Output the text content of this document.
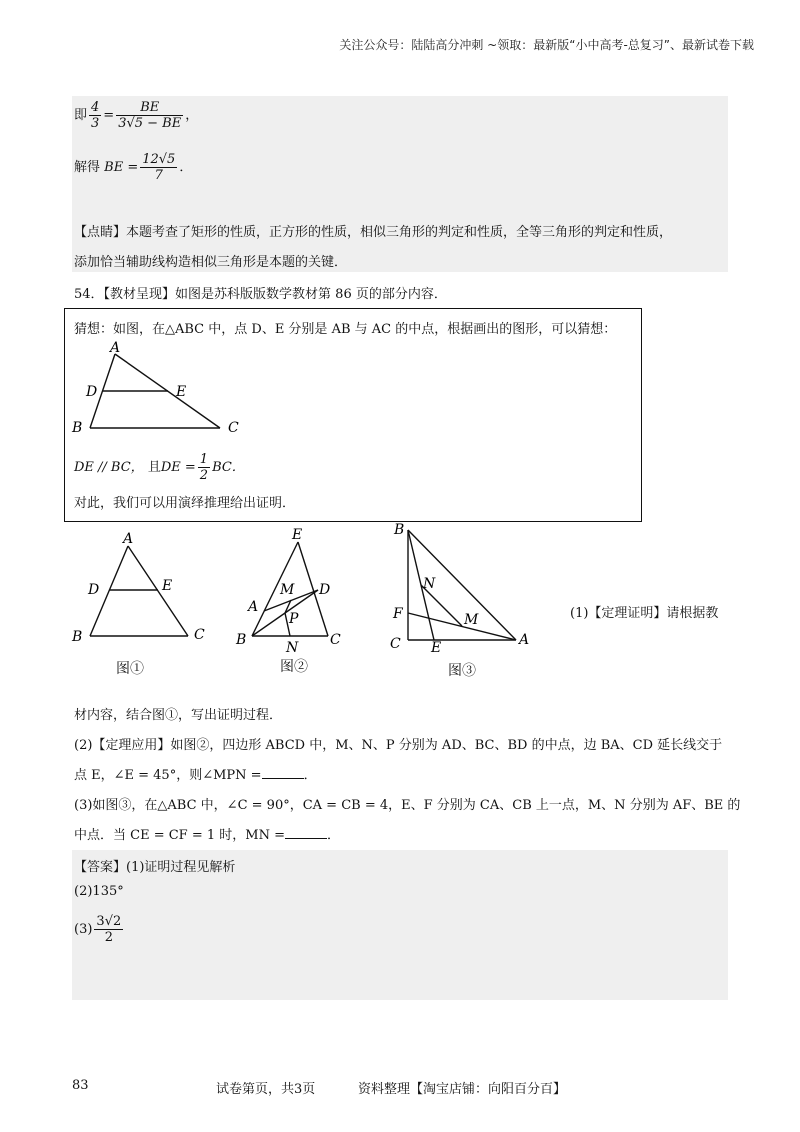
关注公众号：陆陆高分冲刺 ~领取：最新版“小中高考-总复习”、最新试卷下载
即 $\frac{4}{3} = \frac{BE}{3√5 - BE}$ ，
解得 BE = $\frac{12√5}{7}$ ．
【点睛】本题考查了矩形的性质，正方形的性质，相似三角形的判定和性质，全等三角形的判定和性质，
添加恰当辅助线构造相似三角形是本题的关键．
54．【教材呈现】如图是苏科版版数学教材第 86 页的部分内容．
猜想：如图，在△ABC 中，点 D、E 分别是 AB 与 AC 的中点，根据画出的图形，可以猜想：
A
D	E
B	C
DE // BC， 且DE = $\frac{1}{2}$ BC．
对此，我们可以用演绎推理给出证明．
A
D	E
B	C
图①
E
A
M D
P
B	C
N
图②
B
N
F	M
C E	A
图③
(1)【定理证明】请根据教
材内容，结合图①，写出证明过程．
(2)【定理应用】如图②，四边形 ABCD 中，M、N、P 分别为 AD、BC、BD 的中点，边 BA、CD 延长线交于
点 E，∠E = 45°，则∠MPN =	．
(3)如图③，在△ABC 中，∠C = 90°，CA = CB = 4，E、F 分别为 CA、CB 上一点，M、N 分别为 AF、BE 的
中点．当 CE = CF = 1 时，MN =	．
【答案】(1)证明过程见解析
(2)135°
$(3) \frac{3√2}{2}$
83	试卷第页，共3页	资料整理【淘宝店铺：向阳百分百】
